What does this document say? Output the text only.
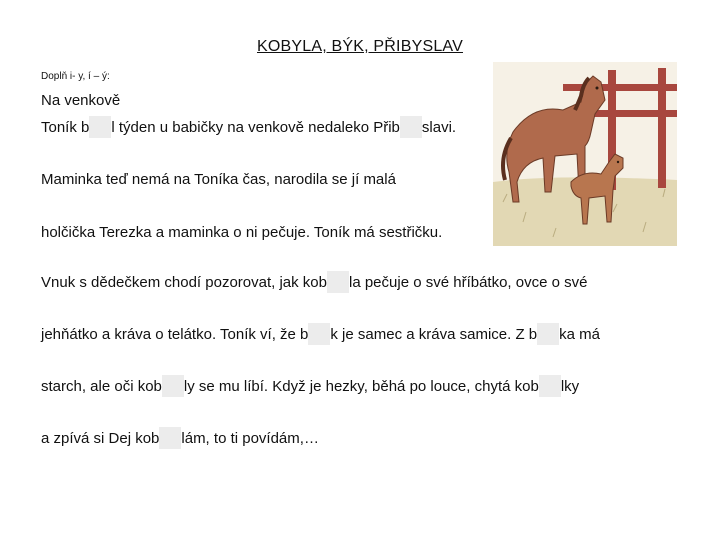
KOBYLA, BÝK, PŘIBYSLAV
Doplň i- y, í – ý:
Na venkově
Toník b l týden u babičky na venkově nedaleko Přib slavi.
Maminka teď nemá na Toníka čas, narodila se jí malá
holčička Terezka a maminka o ni pečuje. Toník má sestřičku.
Vnuk s dědečkem chodí pozorovat, jak kob la pečuje o své hříbátko, ovce o své
jehňátko a kráva o telátko. Toník ví, že b k je samec a kráva samice. Z b ka má
starch, ale oči kob ly se mu líbí. Když je hezky, běhá po louce, chytá kob lky
a zpívá si Dej kob lám, to ti povídám,…
